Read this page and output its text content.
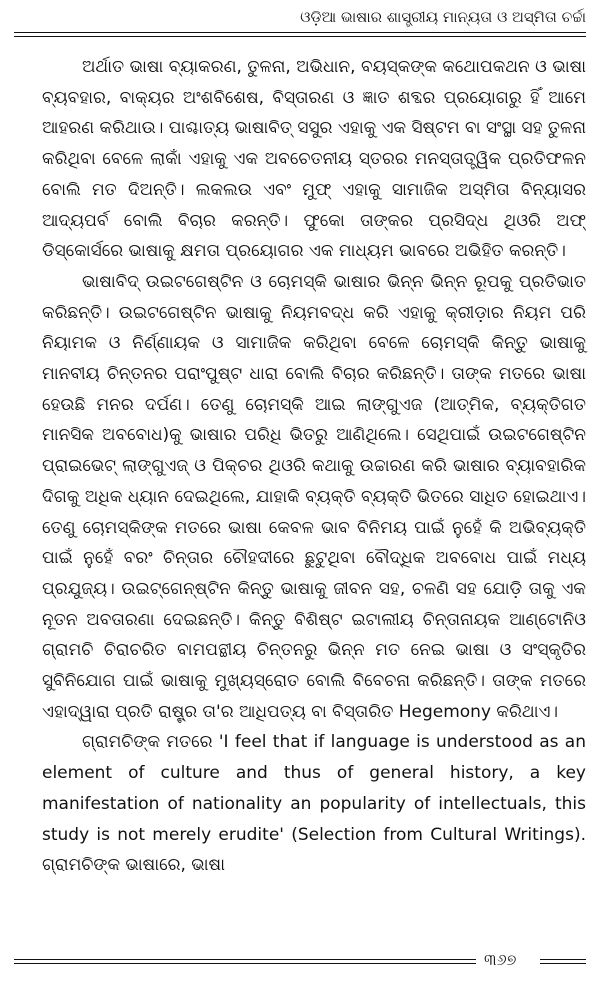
ଓଡ଼ିଆ ଭାଷାର ଶାସ୍ତ୍ରୀୟ ମାନ୍ୟତା ଓ ଅସ୍ମିତା ଚର୍ଚ୍ଚା

ଅର୍ଥାତ ଭାଷା ବ୍ୟାକରଣ, ତୁଳନା, ଅଭିଧାନ, ବୟସ୍କଙ୍କ କଥୋପକଥନ ଓ ଭାଷା ବ୍ୟବହାର, ବାକ୍ୟର ଅଂଶବିଶେଷ, ବିସ୍ତାରଣ ଓ ଜ୍ଞାତ ଶବ୍ଦର ପ୍ରୟୋଗରୁ ହିଁ ଆମେ ଆହରଣ କରିଥାଉ। ପାଶ୍ଚାତ୍ୟ ଭାଷାବିତ୍ ସସୁର ଏହାକୁ ଏକ ସିଷ୍ଟମ ବା ସଂସ୍ଥା ସହ ତୁଳନା କରିଥିବା ବେଳେ ଲାକାଁ ଏହାକୁ ଏକ ଅବଚେତନୀୟ ସ୍ତରର ମନସ୍ତାତ୍ତ୍ୱିକ ପ୍ରତିଫଳନ ବୋଲି ମତ ଦିଅନ୍ତି। ଲକଲଉ ଏବଂ ମୁଫ୍ ଏହାକୁ ସାମାଜିକ ଅସ୍ମିତା ବିନ୍ୟାସର ଆଦ୍ୟପର୍ବ ବୋଲି ବିଚାର କରନ୍ତି। ଫୁକୋ ତାଙ୍କର ପ୍ରସିଦ୍ଧ ଥିଓରି ଅଫ୍ ଡିସ୍କୋର୍ସରେ ଭାଷାକୁ କ୍ଷମତା ପ୍ରୟୋଗର ଏକ ମାଧ୍ୟମ ଭାବରେ ଅଭିହିତ କରନ୍ତି।

ଭାଷାବିଦ୍ ଉଇଟଗେଷ୍ଟିନ ଓ ଚୋମସ୍କି ଭାଷାର ଭିନ୍ନ ଭିନ୍ନ ରୂପକୁ ପ୍ରତିଭାତ କରିଛନ୍ତି। ଉଇଟଗେଷ୍ଟିନ ଭାଷାକୁ ନିୟମବଦ୍ଧ କରି ଏହାକୁ କ୍ରୀଡ଼ାର ନିୟମ ପରି ନିୟାମକ ଓ ନିର୍ଣ୍ଣାୟକ ଓ ସାମାଜିକ କରିଥିବା ବେଳେ ଚୋମସ୍କି କିନ୍ତୁ ଭାଷାକୁ ମାନବୀୟ ଚିନ୍ତନର ପରାଂପୁଷ୍ଟ ଧାରା ବୋଲି ବିଚାର କରିଛନ୍ତି। ତାଙ୍କ ମତରେ ଭାଷା ହେଉଛି ମନର ଦର୍ପଣ। ତେଣୁ ଚୋମସ୍କି ଆଇ ଲାଙ୍ଗୁଏଜ (ଆତ୍ମିକ, ବ୍ୟକ୍ତିଗତ ମାନସିକ ଅବବୋଧ)କୁ ଭାଷାର ପରିଧି ଭିତରୁ ଆଣିଥିଲେ। ସେଥିପାଇଁ ଉଇଟଗେଷ୍ଟିନ ପ୍ରାଇଭେଟ୍ ଲାଙ୍ଗୁଏଜ୍ ଓ ପିକ୍ଚର ଥିଓରି କଥାକୁ ଉଚ୍ଚାରଣ କରି ଭାଷାର ବ୍ୟାବହାରିକ ଦିଗକୁ ଅଧିକ ଧ୍ୟାନ ଦେଇଥିଲେ, ଯାହାକି ବ୍ୟକ୍ତି ବ୍ୟକ୍ତି ଭିତରେ ସାଧିତ ହୋଇଥାଏ। ତେଣୁ ଚୋମସ୍କିଙ୍କ ମତରେ ଭାଷା କେବଳ ଭାବ ବିନିମୟ ପାଇଁ ନୁହେଁ କି ଅଭିବ୍ୟକ୍ତି ପାଇଁ ନୁହେଁ ବରଂ ଚିନ୍ତାର ଚୌହଦୀରେ ଛୁଟୁଥିବା ବୌଦ୍ଧିକ ଅବବୋଧ ପାଇଁ ମଧ୍ୟ ପ୍ରଯୁଜ୍ୟ। ଉଇଟ୍‌ଗେନ୍‌ଷ୍ଟିନ କିନ୍ତୁ ଭାଷାକୁ ଜୀବନ ସହ, ଚଳଣି ସହ ଯୋଡ଼ି ତାକୁ ଏକ ନୂତନ ଅବତାରଣା ଦେଇଛନ୍ତି। କିନ୍ତୁ ବିଶିଷ୍ଟ ଇଟାଲୀୟ ଚିନ୍ତାନାୟକ ଆଣ୍ଟୋନିଓ ଗ୍ରାମଚି ଚିରାଚରିତ ବାମପନ୍ଥୀୟ ଚିନ୍ତନରୁ ଭିନ୍ନ ମତ ନେଇ ଭାଷା ଓ ସଂସ୍କୃତିର ସୁବିନିଯୋଗ ପାଇଁ ଭାଷାକୁ ମୁଖ୍ୟସ୍ରୋତ ବୋଲି ବିବେଚନା କରିଛନ୍ତି। ତାଙ୍କ ମତରେ ଏହାଦ୍ୱାରା ପ୍ରତି ରାଷ୍ଟ୍ର ତା'ର ଆଧିପତ୍ୟ ବା ବିସ୍ତାରିତ Hegemony କରିଥାଏ।

ଗ୍ରାମଚିଙ୍କ ମତରେ 'I feel that if language is understood as an element of culture and thus of general history, a key manifestation of nationality an popularity of intellectuals, this study is not merely erudite' (Selection from Cultural Writings). ଗ୍ରାମଚିଙ୍କ ଭାଷାରେ, ଭାଷା

୩୬୭
